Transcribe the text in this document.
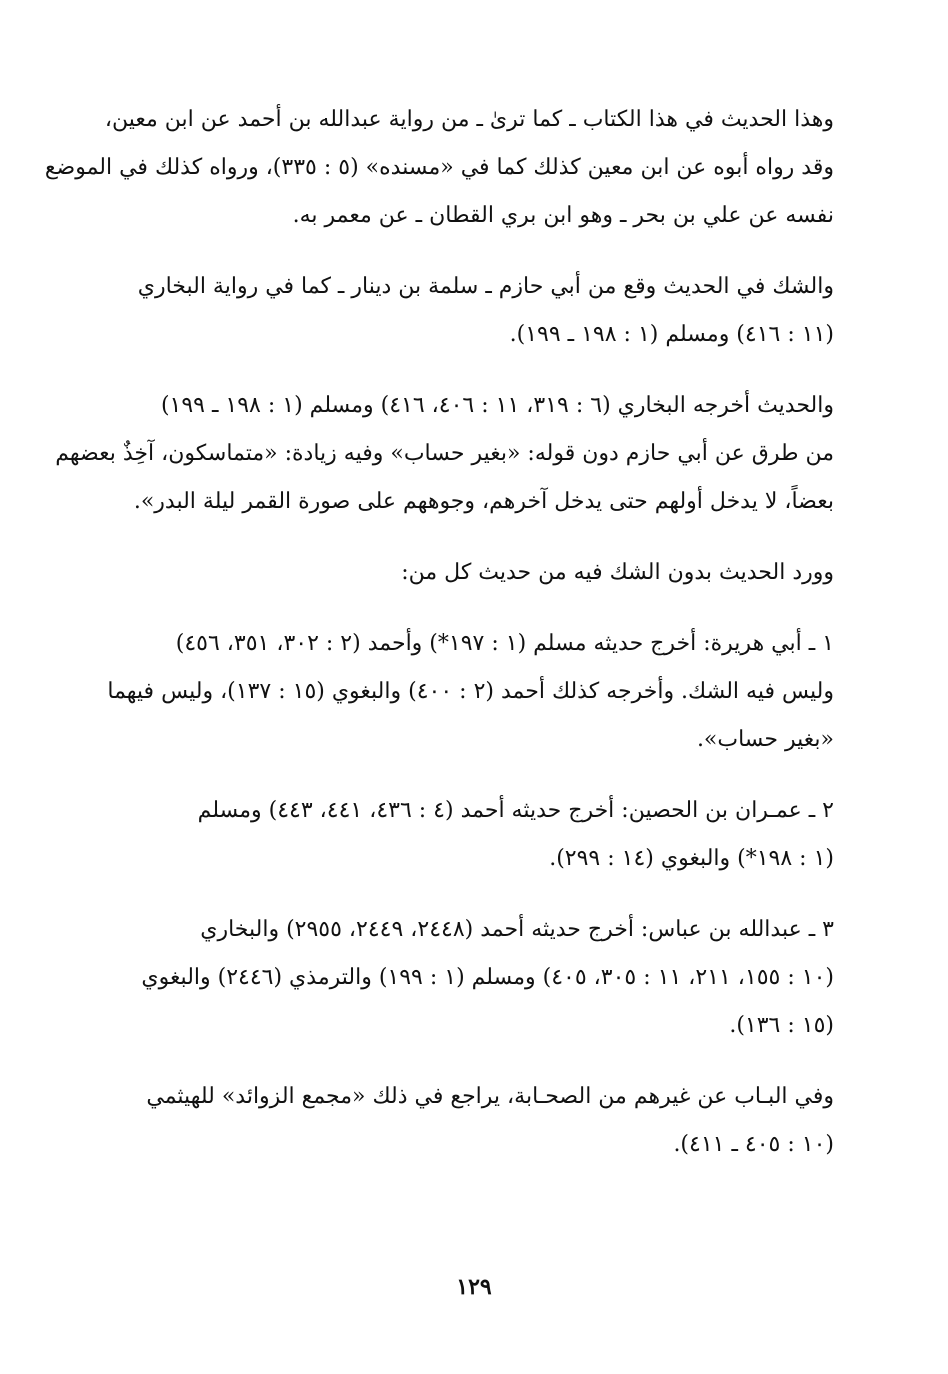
وهذا الحديث في هذا الكتاب ـ كما ترىٰ ـ من رواية عبدالله بن أحمد عن ابن معين،
وقد رواه أبوه عن ابن معين كذلك كما في «مسنده» (٥ : ٣٣٥)، ورواه كذلك في الموضع
نفسه عن علي بن بحر ـ وهو ابن بري القطان ـ عن معمر به.

والشك في الحديث وقع من أبي حازم ـ سلمة بن دينار ـ كما في رواية البخاري
(١١ : ٤١٦) ومسلم (١ : ١٩٨ ـ ١٩٩).

والحديث أخرجه البخاري (٦ : ٣١٩، ١١ : ٤٠٦، ٤١٦) ومسلم (١ : ١٩٨ ـ ١٩٩)
من طرق عن أبي حازم دون قوله: «بغير حساب» وفيه زيادة: «متماسكون، آخِذٌ بعضهم
بعضاً، لا يدخل أولهم حتى يدخل آخرهم، وجوههم على صورة القمر ليلة البدر».

وورد الحديث بدون الشك فيه من حديث كل من:

١ ـ أبي هريرة: أخرج حديثه مسلم (١ : ١٩٧*) وأحمد (٢ : ٣٠٢، ٣٥١، ٤٥٦)
وليس فيه الشك. وأخرجه كذلك أحمد (٢ : ٤٠٠) والبغوي (١٥ : ١٣٧)، وليس فيهما
«بغير حساب».

٢ ـ عمـران بن الحصين: أخرج حديثه أحمد (٤ : ٤٣٦، ٤٤١، ٤٤٣) ومسلم
(١ : ١٩٨*) والبغوي (١٤ : ٢٩٩).

٣ ـ عبدالله بن عباس: أخرج حديثه أحمد (٢٤٤٨، ٢٤٤٩، ٢٩٥٥) والبخاري
(١٠ : ١٥٥، ٢١١، ١١ : ٣٠٥، ٤٠٥) ومسلم (١ : ١٩٩) والترمذي (٢٤٤٦) والبغوي
(١٥ : ١٣٦).

وفي البـاب عن غيرهم من الصحـابة، يراجع في ذلك «مجمع الزوائد» للهيثمي
(١٠ : ٤٠٥ ـ ٤١١).

١٢٩
